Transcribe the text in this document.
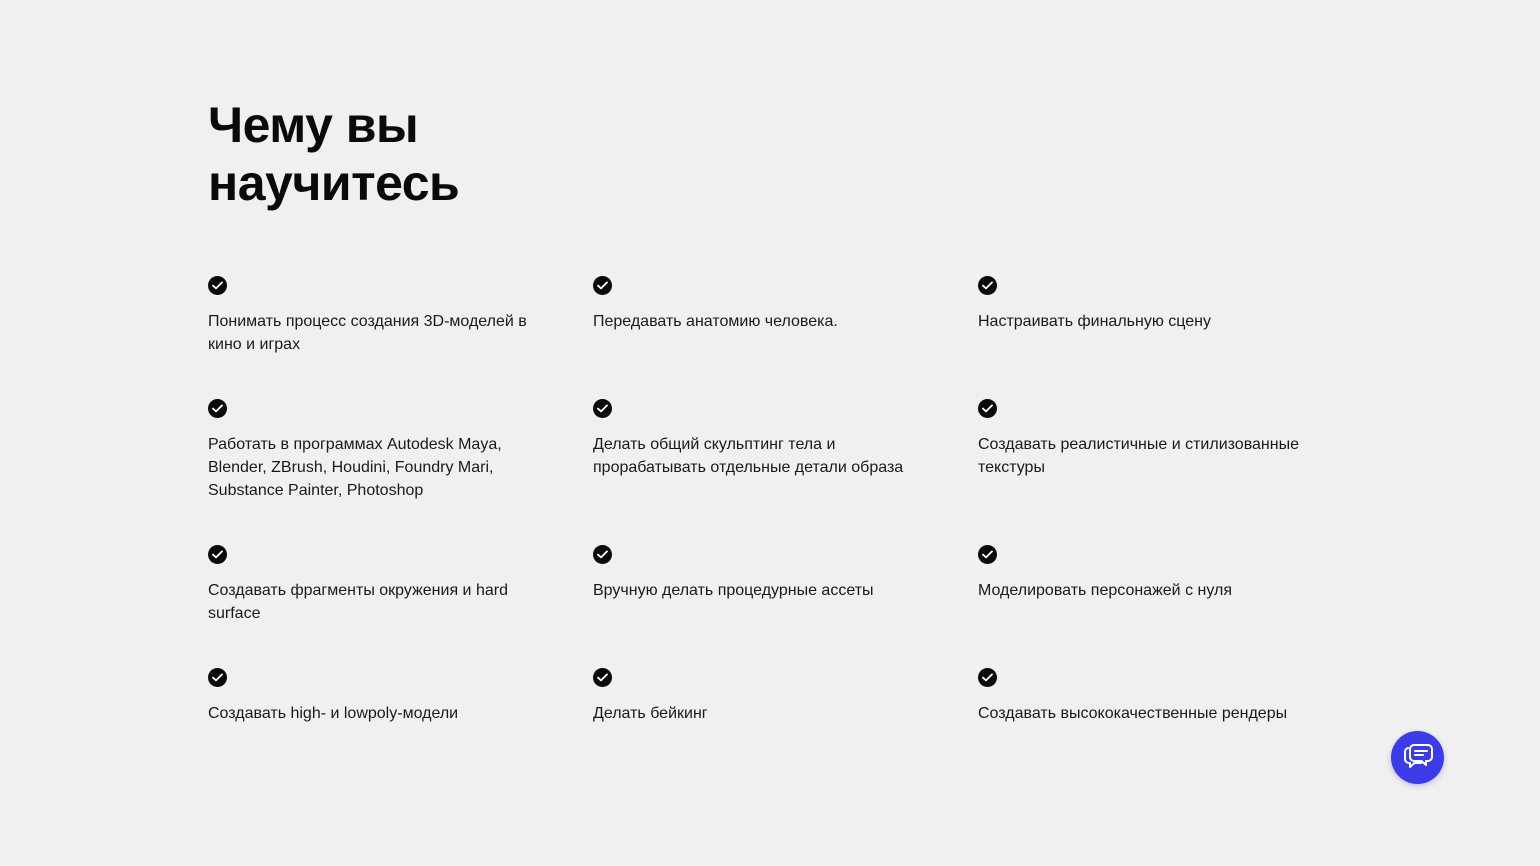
Чему вы научитесь
Понимать процесс создания 3D-моделей в кино и играх
Передавать анатомию человека.	Настраивать финальную сцену
Работать в программах Autodesk Maya, Blender, ZBrush, Houdini, Foundry Mari, Substance Painter, Photoshop
Делать общий скульптинг тела и прорабатывать отдельные детали образа
Создавать реалистичные и стилизованные текстуры
Создавать фрагменты окружения и hard surface
Вручную делать процедурные ассеты	Моделировать персонажей с нуля
Создавать high- и lowpoly-модели	Делать бейкинг	Создавать высококачественные рендеры
